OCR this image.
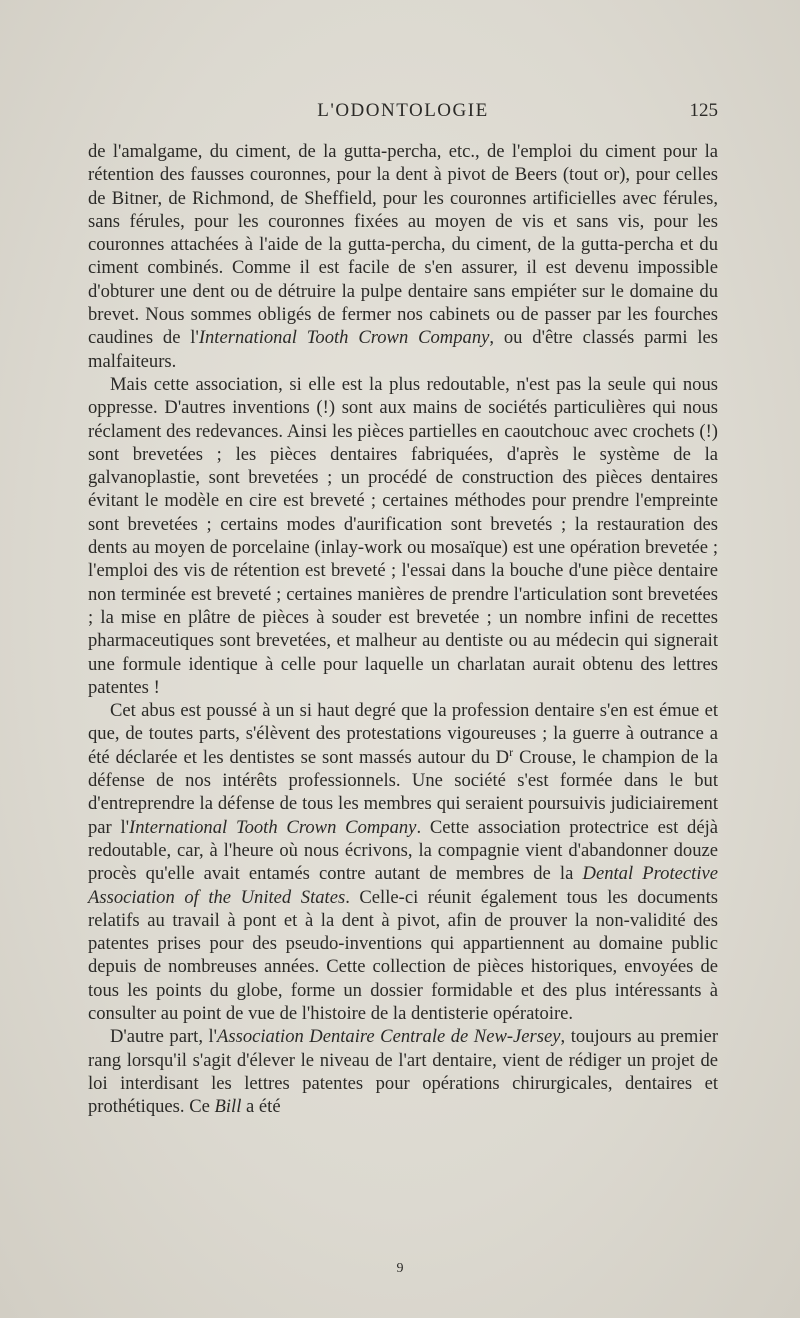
L'ODONTOLOGIE	125

de l'amalgame, du ciment, de la gutta-percha, etc., de l'emploi du ciment pour la rétention des fausses couronnes, pour la dent à pivot de Beers (tout or), pour celles de Bitner, de Richmond, de Sheffield, pour les couronnes artificielles avec férules, sans férules, pour les couronnes fixées au moyen de vis et sans vis, pour les couronnes attachées à l'aide de la gutta-percha, du ciment, de la gutta-percha et du ciment combinés. Comme il est facile de s'en assurer, il est devenu impossible d'obturer une dent ou de détruire la pulpe dentaire sans empiéter sur le domaine du brevet. Nous sommes obligés de fermer nos cabinets ou de passer par les fourches caudines de l'International Tooth Crown Company, ou d'être classés parmi les malfaiteurs.

Mais cette association, si elle est la plus redoutable, n'est pas la seule qui nous oppresse. D'autres inventions (!) sont aux mains de sociétés particulières qui nous réclament des redevances. Ainsi les pièces partielles en caoutchouc avec crochets (!) sont brevetées ; les pièces dentaires fabriquées, d'après le système de la galvanoplastie, sont brevetées ; un procédé de construction des pièces dentaires évitant le modèle en cire est breveté ; certaines méthodes pour prendre l'empreinte sont brevetées ; certains modes d'aurification sont brevetés ; la restauration des dents au moyen de porcelaine (inlay-work ou mosaïque) est une opération brevetée ; l'emploi des vis de rétention est breveté ; l'essai dans la bouche d'une pièce dentaire non terminée est breveté ; certaines manières de prendre l'articulation sont brevetées ; la mise en plâtre de pièces à souder est brevetée ; un nombre infini de recettes pharmaceutiques sont brevetées, et malheur au dentiste ou au médecin qui signerait une formule identique à celle pour laquelle un charlatan aurait obtenu des lettres patentes !

Cet abus est poussé à un si haut degré que la profession dentaire s'en est émue et que, de toutes parts, s'élèvent des protestations vigoureuses ; la guerre à outrance a été déclarée et les dentistes se sont massés autour du $D^r$ Crouse, le champion de la défense de nos intérêts professionnels. Une société s'est formée dans le but d'entreprendre la défense de tous les membres qui seraient poursuivis judiciairement par l'International Tooth Crown Company. Cette association protectrice est déjà redoutable, car, à l'heure où nous écrivons, la compagnie vient d'abandonner douze procès qu'elle avait entamés contre autant de membres de la Dental Protective Association of the United States. Celle-ci réunit également tous les documents relatifs au travail à pont et à la dent à pivot, afin de prouver la non-validité des patentes prises pour des pseudo-inventions qui appartiennent au domaine public depuis de nombreuses années. Cette collection de pièces historiques, envoyées de tous les points du globe, forme un dossier formidable et des plus intéressants à consulter au point de vue de l'histoire de la dentisterie opératoire.

D'autre part, l'Association Dentaire Centrale de New-Jersey, toujours au premier rang lorsqu'il s'agit d'élever le niveau de l'art dentaire, vient de rédiger un projet de loi interdisant les lettres patentes pour opérations chirurgicales, dentaires et prothétiques. Ce Bill a été

9
